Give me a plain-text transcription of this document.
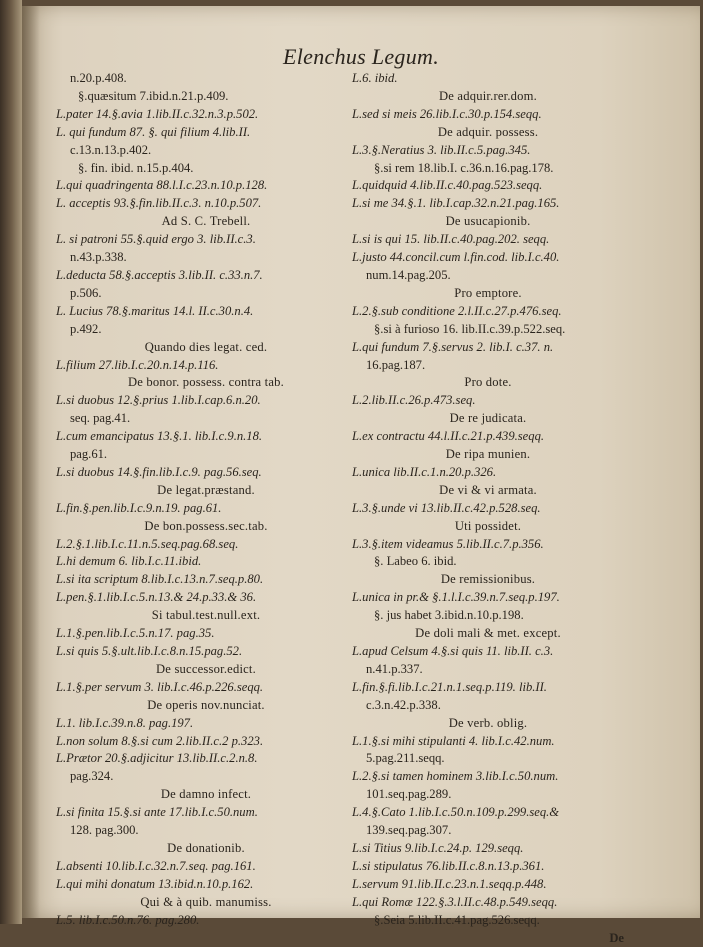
Elenchus Legum.
n.20.p.408.
§.quæsitum 7.ibid.n.21.p.409.
L.pater 14.§.avia 1.lib.II.c.32.n.3.p.502.
L. qui fundum 87. §. qui filium 4.lib.II.
c.13.n.13.p.402.
§. fin. ibid. n.15.p.404.
L.qui quadringenta 88.l.I.c.23.n.10.p.128.
L. acceptis 93.§.fin.lib.II.c.3. n.10.p.507.
Ad S. C. Trebell.
L. si patroni 55.§.quid ergo 3. lib.II.c.3.
n.43.p.338.
L.deducta 58.§.acceptis 3.lib.II. c.33.n.7.
p.506.
L. Lucius 78.§.maritus 14.l. II.c.30.n.4.
p.492.
Quando dies legat. ced.
L.filium 27.lib.I.c.20.n.14.p.116.
De bonor. possess. contra tab.
L.si duobus 12.§.prius 1.lib.I.cap.6.n.20.
seq. pag.41.
L.cum emancipatus 13.§.1. lib.I.c.9.n.18.
pag.61.
L.si duobus 14.§.fin.lib.I.c.9. pag.56.seq.
De legat.præstand.
L.fin.§.pen.lib.I.c.9.n.19. pag.61.
De bon.possess.sec.tab.
L.2.§.1.lib.I.c.11.n.5.seq.pag.68.seq.
L.hi demum 6. lib.I.c.11.ibid.
L.si ita scriptum 8.lib.I.c.13.n.7.seq.p.80.
L.pen.§.1.lib.I.c.5.n.13.& 24.p.33.& 36.
Si tabul.test.null.ext.
L.1.§.pen.lib.I.c.5.n.17. pag.35.
L.si quis 5.§.ult.lib.I.c.8.n.15.pag.52.
De successor.edict.
L.1.§.per servum 3. lib.I.c.46.p.226.seqq.
De operis nov.nunciat.
L.1. lib.I.c.39.n.8. pag.197.
L.non solum 8.§.si cum 2.lib.II.c.2 p.323.
L.Prætor 20.§.adjicitur 13.lib.II.c.2.n.8.
pag.324.
De damno infect.
L.si finita 15.§.si ante 17.lib.I.c.50.num.
128. pag.300.
De donationib.
L.absenti 10.lib.I.c.32.n.7.seq. pag.161.
L.qui mihi donatum 13.ibid.n.10.p.162.
Qui & à quib. manumiss.
L.5. lib.I.c.50.n.76. pag.280.
L.6. ibid.
De adquir.rer.dom.
L.sed si meis 26.lib.I.c.30.p.154.seqq.
De adquir. possess.
L.3.§.Neratius 3. lib.II.c.5.pag.345.
§.si rem 18.lib.I. c.36.n.16.pag.178.
L.quidquid 4.lib.II.c.40.pag.523.seqq.
L.si me 34.§.1. lib.I.cap.32.n.21.pag.165.
De usucapionib.
L.si is qui 15. lib.II.c.40.pag.202. seqq.
L.justo 44.concil.cum l.fin.cod. lib.I.c.40.
num.14.pag.205.
Pro emptore.
L.2.§.sub conditione 2.l.II.c.27.p.476.seq.
§.si à furioso 16. lib.II.c.39.p.522.seq.
L.qui fundum 7.§.servus 2. lib.I. c.37. n.
16.pag.187.
Pro dote.
L.2.lib.II.c.26.p.473.seq.
De re judicata.
L.ex contractu 44.l.II.c.21.p.439.seqq.
De ripa munien.
L.unica lib.II.c.1.n.20.p.326.
De vi & vi armata.
L.3.§.unde vi 13.lib.II.c.42.p.528.seq.
Uti possidet.
L.3.§.item videamus 5.lib.II.c.7.p.356.
§. Labeo 6. ibid.
De remissionibus.
L.unica in pr.& §.1.l.I.c.39.n.7.seq.p.197.
§. jus habet 3.ibid.n.10.p.198.
De doli mali & met. except.
L.apud Celsum 4.§.si quis 11. lib.II. c.3.
n.41.p.337.
L.fin.§.fi.lib.I.c.21.n.1.seq.p.119. lib.II.
c.3.n.42.p.338.
De verb. oblig.
L.1.§.si mihi stipulanti 4. lib.I.c.42.num.
5.pag.211.seqq.
L.2.§.si tamen hominem 3.lib.I.c.50.num.
101.seq.pag.289.
L.4.§.Cato 1.lib.I.c.50.n.109.p.299.seq.&
139.seq.pag.307.
L.si Titius 9.lib.I.c.24.p. 129.seqq.
L.si stipulatus 76.lib.II.c.8.n.13.p.361.
L.servum 91.lib.II.c.23.n.1.seqq.p.448.
L.qui Romæ 122.§.3.l.II.c.48.p.549.seqq.
§.Seia 5.lib.II.c.41.pag.526.seqq.
De
